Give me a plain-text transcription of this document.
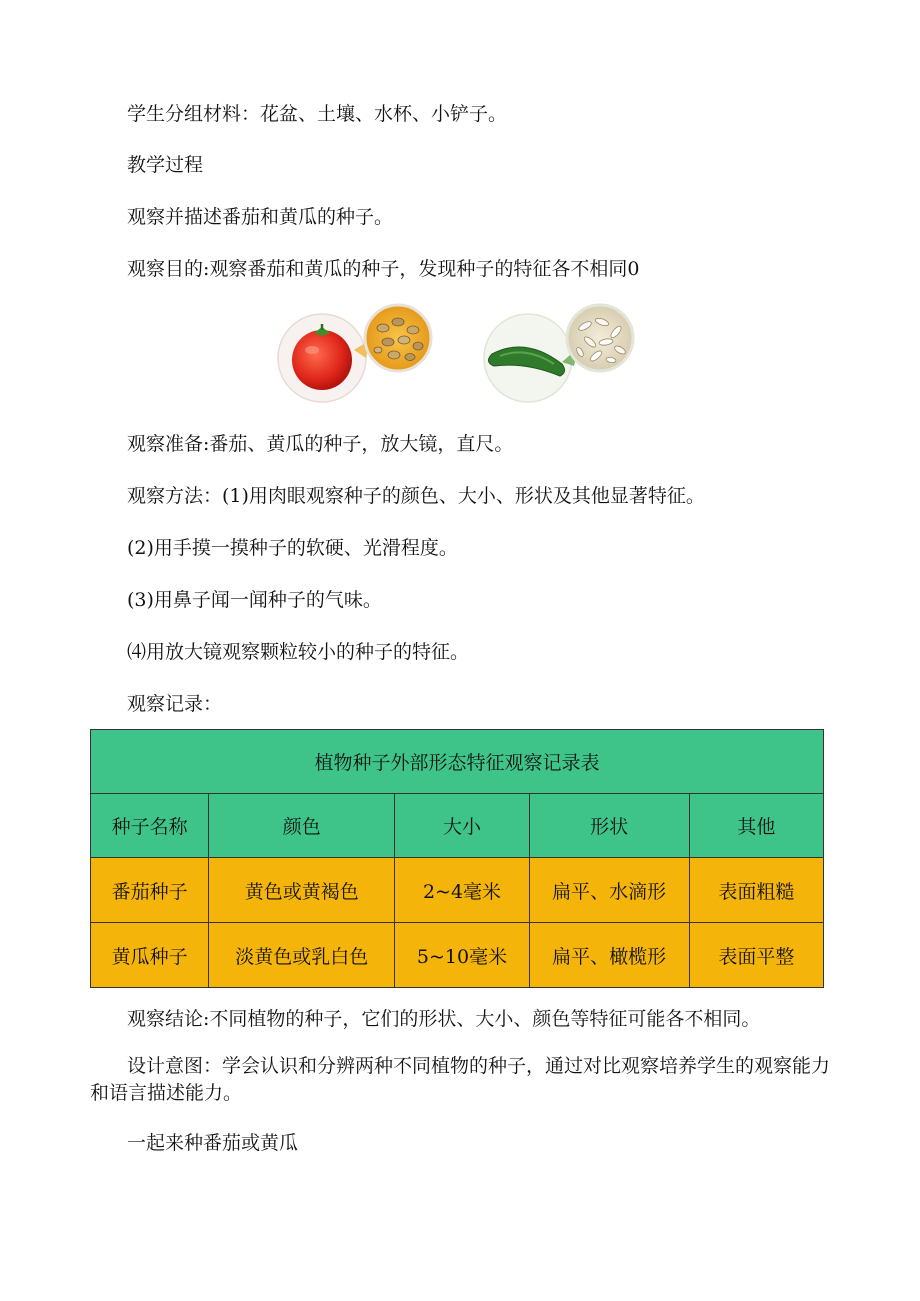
学生分组材料：花盆、土壤、水杯、小铲子。
教学过程
观察并描述番茄和黄瓜的种子。
观察目的:观察番茄和黄瓜的种子，发现种子的特征各不相同0
观察准备:番茄、黄瓜的种子，放大镜，直尺。
观察方法：(1)用肉眼观察种子的颜色、大小、形状及其他显著特征。
(2)用手摸一摸种子的软硬、光滑程度。
(3)用鼻子闻一闻种子的气味。
⑷用放大镜观察颗粒较小的种子的特征。
观察记录：
植物种子外部形态特征观察记录表				
种子名称	颜色	大小	形状	其他
番茄种子	黄色或黄褐色	2~4毫米	扁平、水滴形	表面粗糙
黄瓜种子	淡黄色或乳白色	5~10毫米	扁平、橄榄形	表面平整
观察结论:不同植物的种子，它们的形状、大小、颜色等特征可能各不相同。
设计意图：学会认识和分辨两种不同植物的种子，通过对比观察培养学生的观察能力和语言描述能力。
一起来种番茄或黄瓜
